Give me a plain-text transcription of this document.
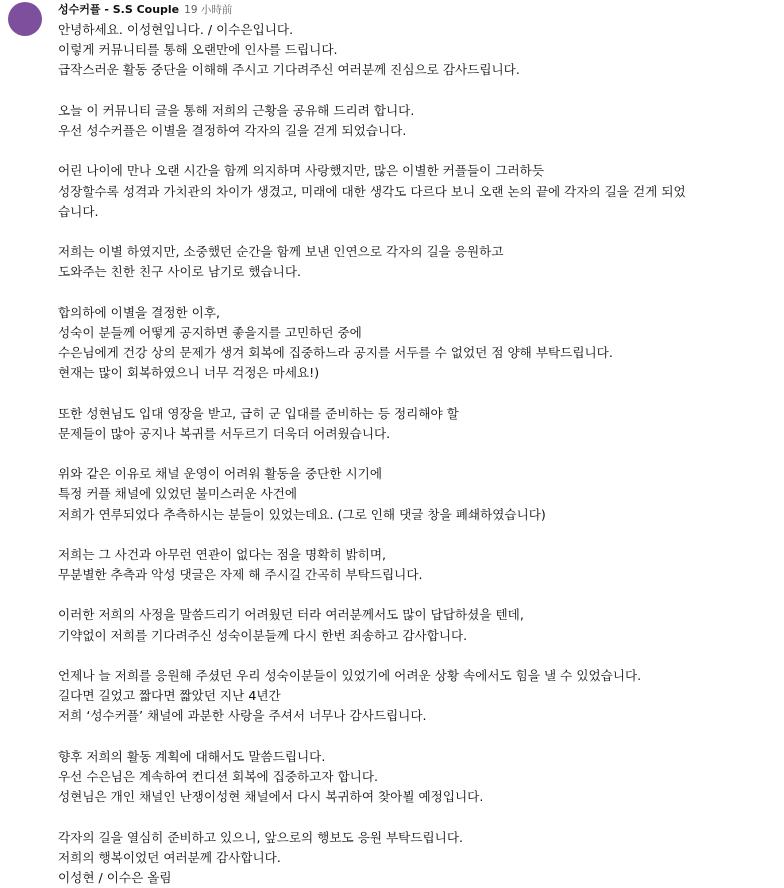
성수커플 - S.S Couple 19 小時前
안녕하세요. 이성현입니다. / 이수은입니다.
이렇게 커뮤니티를 통해 오랜만에 인사를 드립니다.
급작스러운 활동 중단을 이해해 주시고 기다려주신 여러분께 진심으로 감사드립니다.
오늘 이 커뮤니티 글을 통해 저희의 근황을 공유해 드리려 합니다.
우선 성수커플은 이별을 결정하여 각자의 길을 걷게 되었습니다.
어린 나이에 만나 오랜 시간을 함께 의지하며 사랑했지만, 많은 이별한 커플들이 그러하듯
성장할수록 성격과 가치관의 차이가 생겼고, 미래에 대한 생각도 다르다 보니 오랜 논의 끝에 각자의 길을 걷게 되었
습니다.
저희는 이별 하였지만, 소중했던 순간을 함께 보낸 인연으로 각자의 길을 응원하고
도와주는 친한 친구 사이로 남기로 했습니다.
합의하에 이별을 결정한 이후,
성숙이 분들께 어떻게 공지하면 좋을지를 고민하던 중에
수은님에게 건강 상의 문제가 생겨 회복에 집중하느라 공지를 서두를 수 없었던 점 양해 부탁드립니다.
현재는 많이 회복하였으니 너무 걱정은 마세요!)
또한 성현님도 입대 영장을 받고, 급히 군 입대를 준비하는 등 정리해야 할
문제들이 많아 공지나 복귀를 서두르기 더욱더 어려웠습니다.
위와 같은 이유로 채널 운영이 어려워 활동을 중단한 시기에
특정 커플 채널에 있었던 불미스러운 사건에
저희가 연루되었다 추측하시는 분들이 있었는데요. (그로 인해 댓글 창을 폐쇄하였습니다)
저희는 그 사건과 아무런 연관이 없다는 점을 명확히 밝히며,
무분별한 추측과 악성 댓글은 자제 해 주시길 간곡히 부탁드립니다.
이러한 저희의 사정을 말씀드리기 어려웠던 터라 여러분께서도 많이 답답하셨을 텐데,
기약없이 저희를 기다려주신 성숙이분들께 다시 한번 죄송하고 감사합니다.
언제나 늘 저희를 응원해 주셨던 우리 성숙이분들이 있었기에 어려운 상황 속에서도 힘을 낼 수 있었습니다.
길다면 길었고 짧다면 짧았던 지난 4년간
저희 ‘성수커플’ 채널에 과분한 사랑을 주셔서 너무나 감사드립니다.
향후 저희의 활동 계획에 대해서도 말씀드립니다.
우선 수은님은 계속하여 컨디션 회복에 집중하고자 합니다.
성현님은 개인 채널인 난쟁이성현 채널에서 다시 복귀하여 찾아뵐 예정입니다.
각자의 길을 열심히 준비하고 있으니, 앞으로의 행보도 응원 부탁드립니다.
저희의 행복이었던 여러분께 감사합니다.
이성현 / 이수은 올림
